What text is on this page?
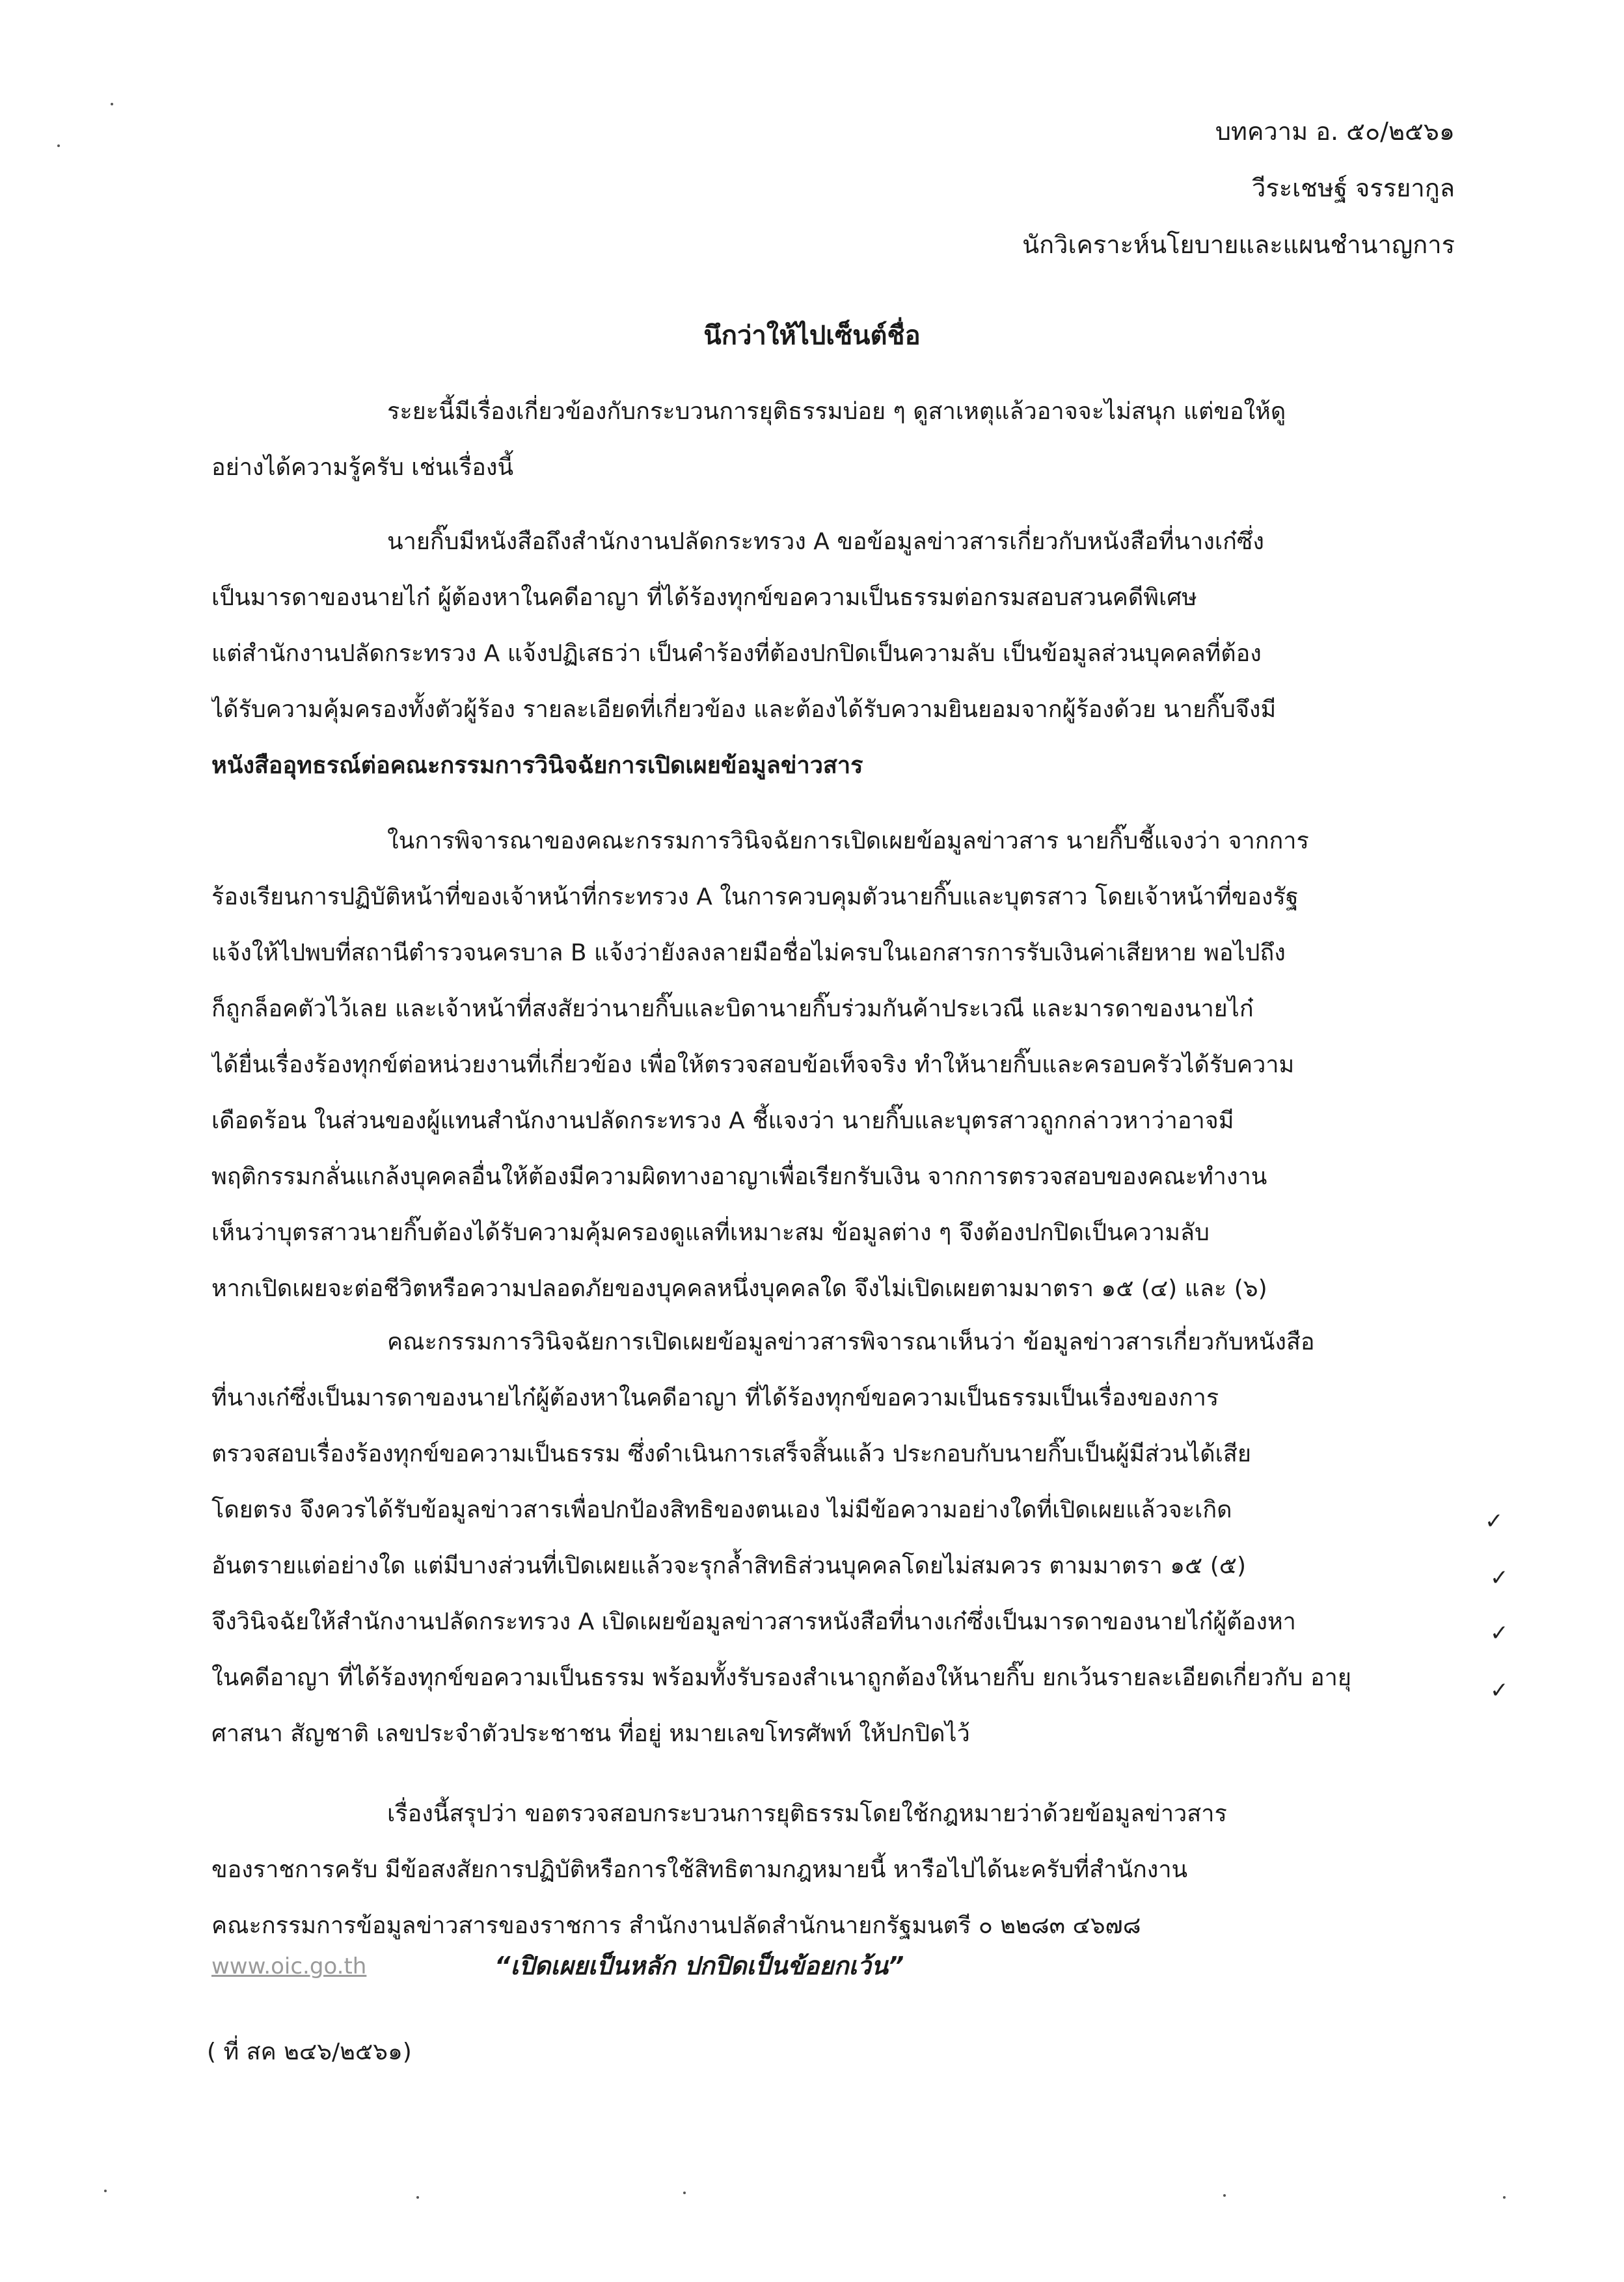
บทความ อ. ๕๐/๒๕๖๑
วีระเชษฐ์ จรรยากูล
นักวิเคราะห์นโยบายและแผนชำนาญการ
นึกว่าให้ไปเซ็นต์ชื่อ
ระยะนี้มีเรื่องเกี่ยวข้องกับกระบวนการยุติธรรมบ่อย ๆ ดูสาเหตุแล้วอาจจะไม่สนุก แต่ขอให้ดู
อย่างได้ความรู้ครับ เช่นเรื่องนี้
นายกิ๊บมีหนังสือถึงสำนักงานปลัดกระทรวง A ขอข้อมูลข่าวสารเกี่ยวกับหนังสือที่นางเก๋ซึ่ง
เป็นมารดาของนายไก๋ ผู้ต้องหาในคดีอาญา ที่ได้ร้องทุกข์ขอความเป็นธรรมต่อกรมสอบสวนคดีพิเศษ
แต่สำนักงานปลัดกระทรวง A แจ้งปฏิเสธว่า เป็นคำร้องที่ต้องปกปิดเป็นความลับ เป็นข้อมูลส่วนบุคคลที่ต้อง
ได้รับความคุ้มครองทั้งตัวผู้ร้อง รายละเอียดที่เกี่ยวข้อง และต้องได้รับความยินยอมจากผู้ร้องด้วย นายกิ๊บจึงมี
หนังสืออุทธรณ์ต่อคณะกรรมการวินิจฉัยการเปิดเผยข้อมูลข่าวสาร
ในการพิจารณาของคณะกรรมการวินิจฉัยการเปิดเผยข้อมูลข่าวสาร นายกิ๊บชี้แจงว่า จากการ
ร้องเรียนการปฏิบัติหน้าที่ของเจ้าหน้าที่กระทรวง A ในการควบคุมตัวนายกิ๊บและบุตรสาว โดยเจ้าหน้าที่ของรัฐ
แจ้งให้ไปพบที่สถานีตำรวจนครบาล B แจ้งว่ายังลงลายมือชื่อไม่ครบในเอกสารการรับเงินค่าเสียหาย พอไปถึง
ก็ถูกล็อคตัวไว้เลย และเจ้าหน้าที่สงสัยว่านายกิ๊บและบิดานายกิ๊บร่วมกันค้าประเวณี และมารดาของนายไก๋
ได้ยื่นเรื่องร้องทุกข์ต่อหน่วยงานที่เกี่ยวข้อง เพื่อให้ตรวจสอบข้อเท็จจริง ทำให้นายกิ๊บและครอบครัวได้รับความ
เดือดร้อน ในส่วนของผู้แทนสำนักงานปลัดกระทรวง A ชี้แจงว่า นายกิ๊บและบุตรสาวถูกกล่าวหาว่าอาจมี
พฤติกรรมกลั่นแกล้งบุคคลอื่นให้ต้องมีความผิดทางอาญาเพื่อเรียกรับเงิน จากการตรวจสอบของคณะทำงาน
เห็นว่าบุตรสาวนายกิ๊บต้องได้รับความคุ้มครองดูแลที่เหมาะสม ข้อมูลต่าง ๆ จึงต้องปกปิดเป็นความลับ
หากเปิดเผยจะต่อชีวิตหรือความปลอดภัยของบุคคลหนึ่งบุคคลใด จึงไม่เปิดเผยตามมาตรา ๑๕ (๔) และ (๖)
คณะกรรมการวินิจฉัยการเปิดเผยข้อมูลข่าวสารพิจารณาเห็นว่า ข้อมูลข่าวสารเกี่ยวกับหนังสือ
ที่นางเก๋ซึ่งเป็นมารดาของนายไก๋ผู้ต้องหาในคดีอาญา ที่ได้ร้องทุกข์ขอความเป็นธรรมเป็นเรื่องของการ
ตรวจสอบเรื่องร้องทุกข์ขอความเป็นธรรม ซึ่งดำเนินการเสร็จสิ้นแล้ว ประกอบกับนายกิ๊บเป็นผู้มีส่วนได้เสีย
โดยตรง จึงควรได้รับข้อมูลข่าวสารเพื่อปกป้องสิทธิของตนเอง ไม่มีข้อความอย่างใดที่เปิดเผยแล้วจะเกิด
อันตรายแต่อย่างใด แต่มีบางส่วนที่เปิดเผยแล้วจะรุกล้ำสิทธิส่วนบุคคลโดยไม่สมควร ตามมาตรา ๑๕ (๕)
จึงวินิจฉัยให้สำนักงานปลัดกระทรวง A เปิดเผยข้อมูลข่าวสารหนังสือที่นางเก๋ซึ่งเป็นมารดาของนายไก๋ผู้ต้องหา
ในคดีอาญา ที่ได้ร้องทุกข์ขอความเป็นธรรม พร้อมทั้งรับรองสำเนาถูกต้องให้นายกิ๊บ ยกเว้นรายละเอียดเกี่ยวกับ อายุ
ศาสนา สัญชาติ เลขประจำตัวประชาชน ที่อยู่ หมายเลขโทรศัพท์ ให้ปกปิดไว้
เรื่องนี้สรุปว่า ขอตรวจสอบกระบวนการยุติธรรมโดยใช้กฎหมายว่าด้วยข้อมูลข่าวสาร
ของราชการครับ มีข้อสงสัยการปฏิบัติหรือการใช้สิทธิตามกฎหมายนี้ หารือไปได้นะครับที่สำนักงาน
คณะกรรมการข้อมูลข่าวสารของราชการ สำนักงานปลัดสำนักนายกรัฐมนตรี ๐ ๒๒๘๓ ๔๖๗๘
www.oic.go.th	“เปิดเผยเป็นหลัก ปกปิดเป็นข้อยกเว้น”
( ที่ สค ๒๔๖/๒๕๖๑)
✓
✓
✓
✓
